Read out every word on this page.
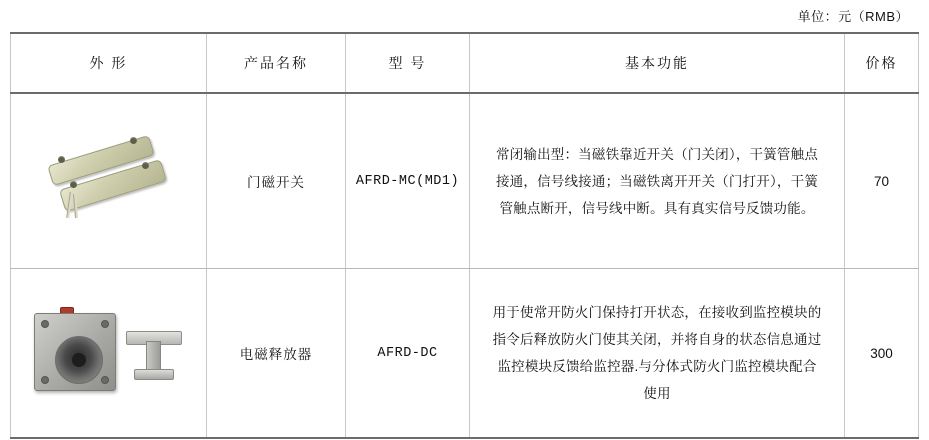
单位：元（RMB）
外 形	产品名称	型 号	基本功能	价格

	门磁开关	AFRD-MC(MD1)	常闭输出型：当磁铁靠近开关（门关闭），干簧管触点接通，信号线接通；当磁铁离开开关（门打开），干簧管触点断开，信号线中断。具有真实信号反馈功能。	70

	电磁释放器	AFRD-DC	用于使常开防火门保持打开状态，在接收到监控模块的指令后释放防火门使其关闭，并将自身的状态信息通过监控模块反馈给监控器.与分体式防火门监控模块配合使用	300
